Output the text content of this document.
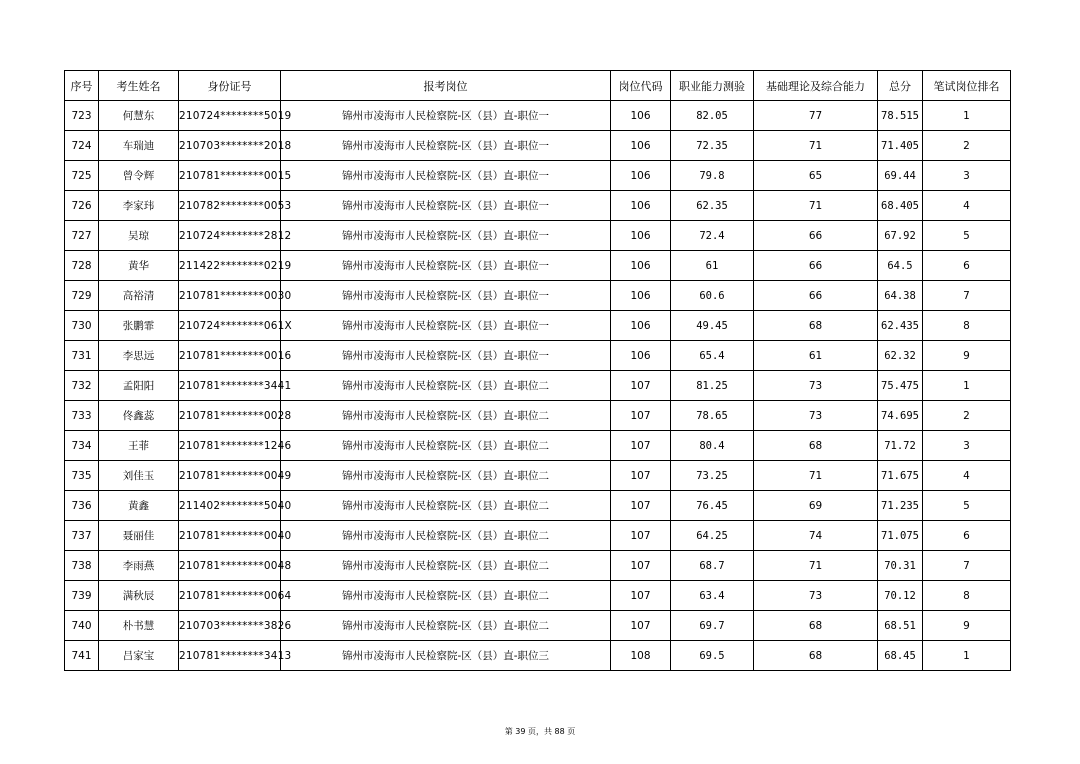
序号	考生姓名	身份证号	报考岗位	岗位代码	职业能力测验	基础理论及综合能力	总分	笔试岗位排名
723	何慧东	210724********5019	锦州市凌海市人民检察院-区（县）直-职位一	106	82.05	77	78.515	1
724	车瑞迪	210703********2018	锦州市凌海市人民检察院-区（县）直-职位一	106	72.35	71	71.405	2
725	曾令辉	210781********0015	锦州市凌海市人民检察院-区（县）直-职位一	106	79.8	65	69.44	3
726	李家玮	210782********0053	锦州市凌海市人民检察院-区（县）直-职位一	106	62.35	71	68.405	4
727	吴琼	210724********2812	锦州市凌海市人民检察院-区（县）直-职位一	106	72.4	66	67.92	5
728	黄华	211422********0219	锦州市凌海市人民检察院-区（县）直-职位一	106	61	66	64.5	6
729	高裕清	210781********0030	锦州市凌海市人民检察院-区（县）直-职位一	106	60.6	66	64.38	7
730	张鹏霏	210724********061X	锦州市凌海市人民检察院-区（县）直-职位一	106	49.45	68	62.435	8
731	李思远	210781********0016	锦州市凌海市人民检察院-区（县）直-职位一	106	65.4	61	62.32	9
732	孟阳阳	210781********3441	锦州市凌海市人民检察院-区（县）直-职位二	107	81.25	73	75.475	1
733	佟鑫蕊	210781********0028	锦州市凌海市人民检察院-区（县）直-职位二	107	78.65	73	74.695	2
734	王菲	210781********1246	锦州市凌海市人民检察院-区（县）直-职位二	107	80.4	68	71.72	3
735	刘佳玉	210781********0049	锦州市凌海市人民检察院-区（县）直-职位二	107	73.25	71	71.675	4
736	黄鑫	211402********5040	锦州市凌海市人民检察院-区（县）直-职位二	107	76.45	69	71.235	5
737	聂丽佳	210781********0040	锦州市凌海市人民检察院-区（县）直-职位二	107	64.25	74	71.075	6
738	李雨燕	210781********0048	锦州市凌海市人民检察院-区（县）直-职位二	107	68.7	71	70.31	7
739	满秋辰	210781********0064	锦州市凌海市人民检察院-区（县）直-职位二	107	63.4	73	70.12	8
740	朴书慧	210703********3826	锦州市凌海市人民检察院-区（县）直-职位二	107	69.7	68	68.51	9
741	吕家宝	210781********3413	锦州市凌海市人民检察院-区（县）直-职位三	108	69.5	68	68.45	1
第 39 页，共 88 页
